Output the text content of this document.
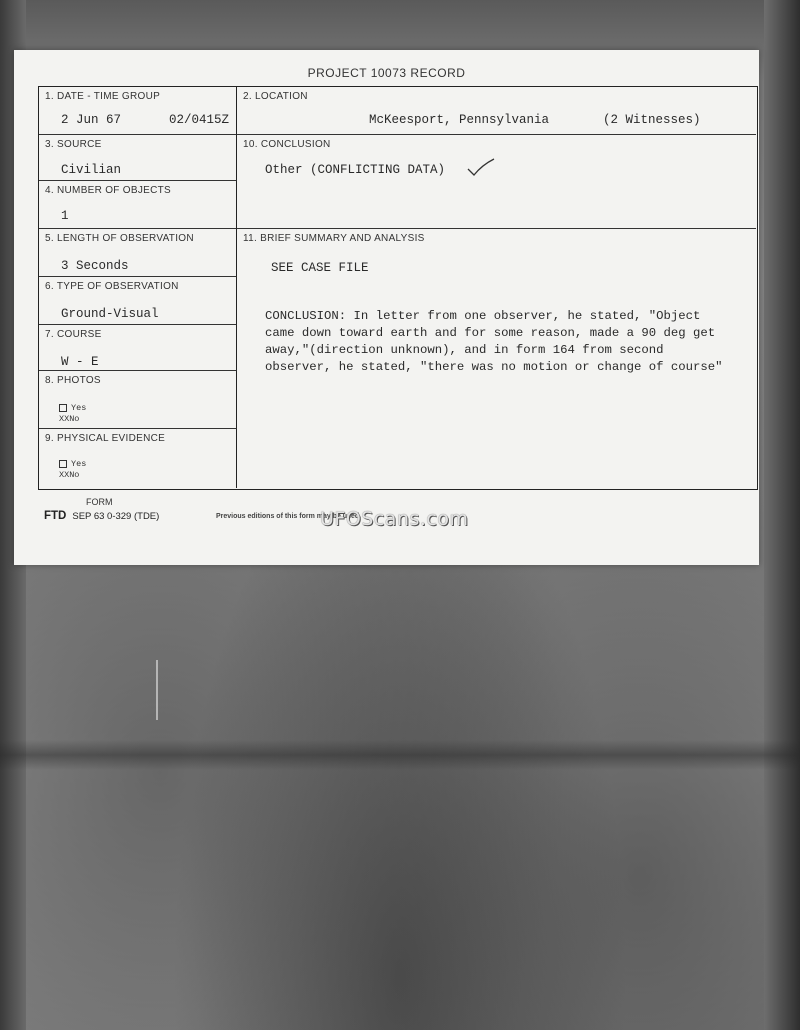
PROJECT 10073 RECORD
1. DATE - TIME GROUP
2 Jun 67	02/0415Z
2. LOCATION
McKeesport, Pennsylvania	(2 Witnesses)
3. SOURCE
Civilian
4. NUMBER OF OBJECTS
1
5. LENGTH OF OBSERVATION
3 Seconds
6. TYPE OF OBSERVATION
Ground-Visual
7. COURSE
W - E
8. PHOTOS
Yes
XXNo
9. PHYSICAL EVIDENCE
Yes
XXNo
10. CONCLUSION
Other (CONFLICTING DATA)
11. BRIEF SUMMARY AND ANALYSIS
SEE CASE FILE
CONCLUSION: In letter from one observer, he stated, "Object
came down toward earth and for some reason, made a 90 deg get
away,"(direction unknown), and in form 164 from second
observer, he stated, "there was no motion or change of course"
FORM
FTD SEP 63 0-329 (TDE)	Previous editions of this form may be used.
UFOScans.com
